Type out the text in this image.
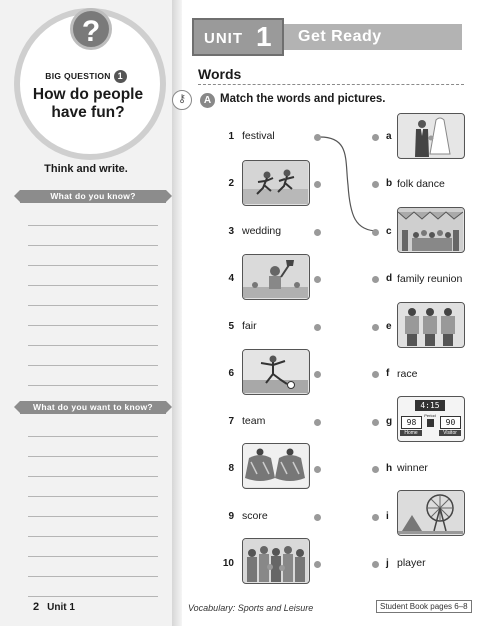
?
BIG QUESTION 1
How do people have fun?
Think and write.
What do you know?
What do you want to know?
2 Unit 1
UNIT 1	Get Ready
Words
⚷	A Match the words and pictures.
1 festival
2
3 wedding
4
5 fair
6
7 team
8
9 score
10
a
b folk dance
c
d family reunion
e
f race
g
4:15
98
Period
90
Home	Visitor
h winner
i
j player
Vocabulary: Sports and Leisure	Student Book pages 6–8
